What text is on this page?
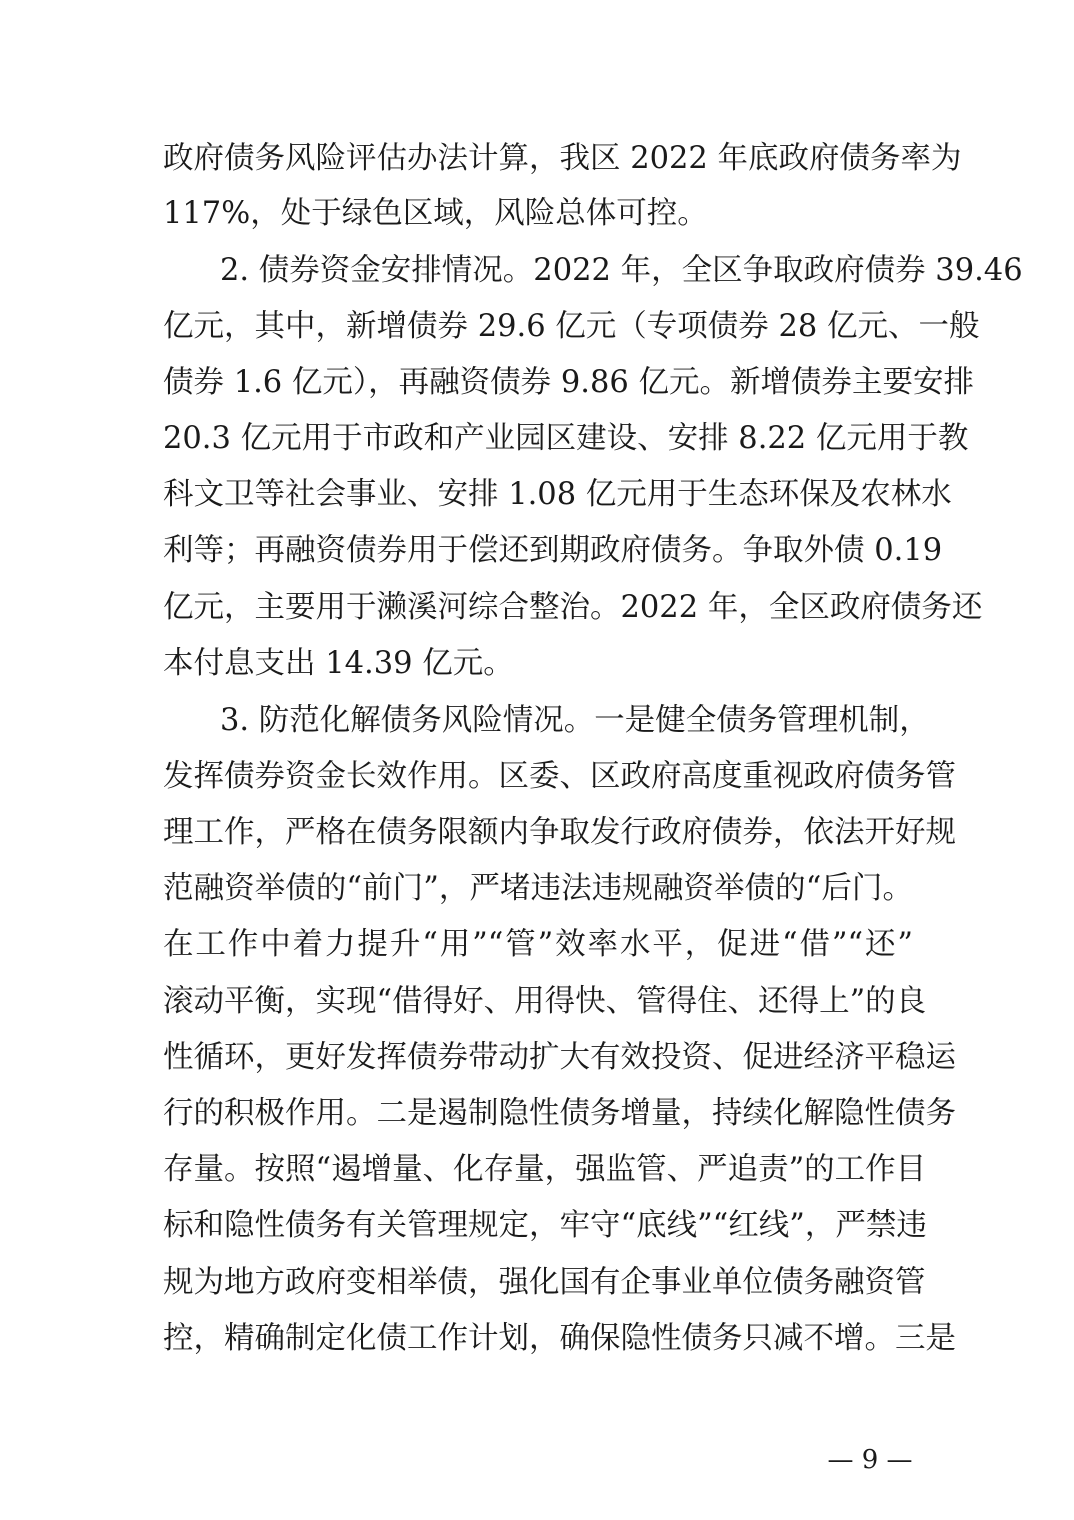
政府债务风险评估办法计算，我区 2022 年底政府债务率为
117%，处于绿色区域，风险总体可控。
2. 债券资金安排情况。2022 年，全区争取政府债券 39.46
亿元，其中，新增债券 29.6 亿元（专项债券 28 亿元、一般
债券 1.6 亿元），再融资债券 9.86 亿元。新增债券主要安排
20.3 亿元用于市政和产业园区建设、安排 8.22 亿元用于教
科文卫等社会事业、安排 1.08 亿元用于生态环保及农林水
利等；再融资债券用于偿还到期政府债务。争取外债 0.19
亿元，主要用于濑溪河综合整治。2022 年，全区政府债务还
本付息支出 14.39 亿元。
3. 防范化解债务风险情况。一是健全债务管理机制，
发挥债券资金长效作用。区委、区政府高度重视政府债务管
理工作，严格在债务限额内争取发行政府债券，依法开好规
范融资举债的“前门”，严堵违法违规融资举债的“后门。
在工作中着力提升“用”“管”效率水平，促进“借”“还”
滚动平衡，实现“借得好、用得快、管得住、还得上”的良
性循环，更好发挥债券带动扩大有效投资、促进经济平稳运
行的积极作用。二是遏制隐性债务增量，持续化解隐性债务
存量。按照“遏增量、化存量，强监管、严追责”的工作目
标和隐性债务有关管理规定，牢守“底线”“红线”，严禁违
规为地方政府变相举债，强化国有企事业单位债务融资管
控，精确制定化债工作计划，确保隐性债务只减不增。三是
— 9 —
